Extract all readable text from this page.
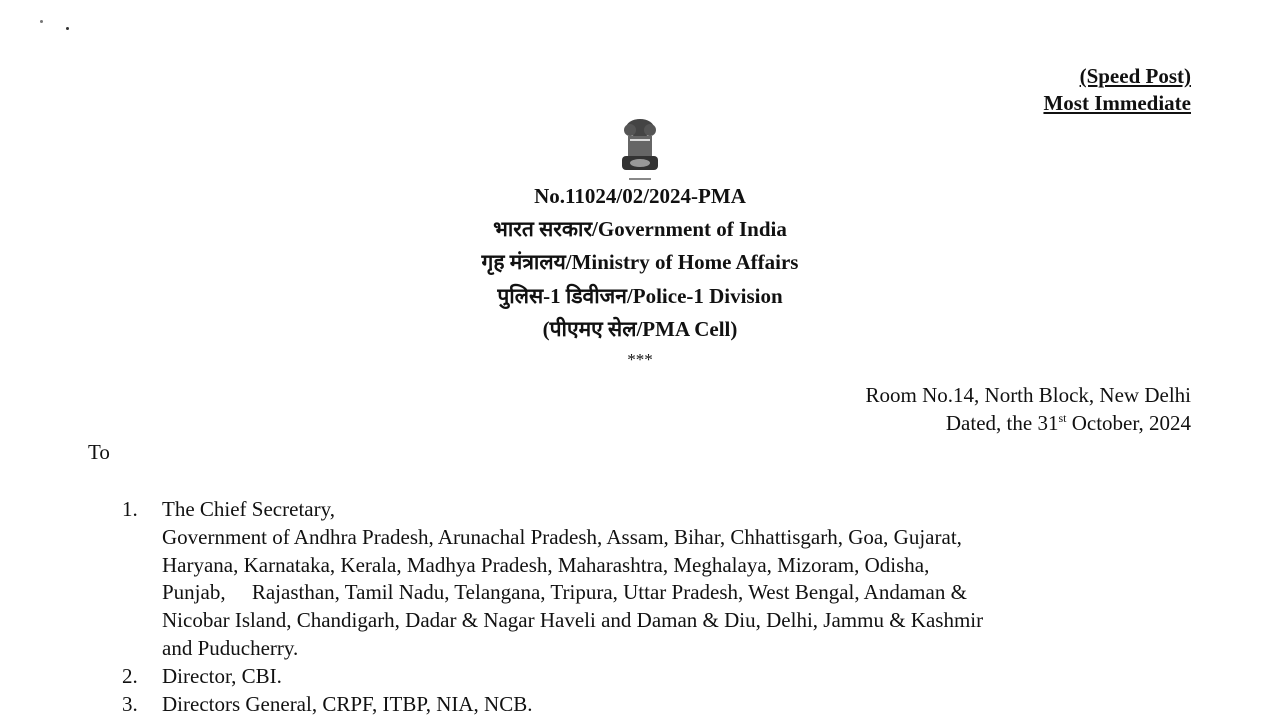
(Speed Post)
Most Immediate
No.11024/02/2024-PMA
भारत सरकार/Government of India
गृह मंत्रालय/Ministry of Home Affairs
पुलिस-1 डिवीजन/Police-1 Division
(पीएमए सेल/PMA Cell)
***
Room No.14, North Block, New Delhi
Dated, the 31st October, 2024
To
1. The Chief Secretary,
Government of Andhra Pradesh, Arunachal Pradesh, Assam, Bihar, Chhattisgarh, Goa, Gujarat,
Haryana, Karnataka, Kerala, Madhya Pradesh, Maharashtra, Meghalaya, Mizoram, Odisha,
Punjab,     Rajasthan, Tamil Nadu, Telangana, Tripura, Uttar Pradesh, West Bengal, Andaman &
Nicobar Island, Chandigarh, Dadar & Nagar Haveli and Daman & Diu, Delhi, Jammu & Kashmir
and Puducherry.
2. Director, CBI.
3. Directors General, CRPF, ITBP, NIA, NCB.
